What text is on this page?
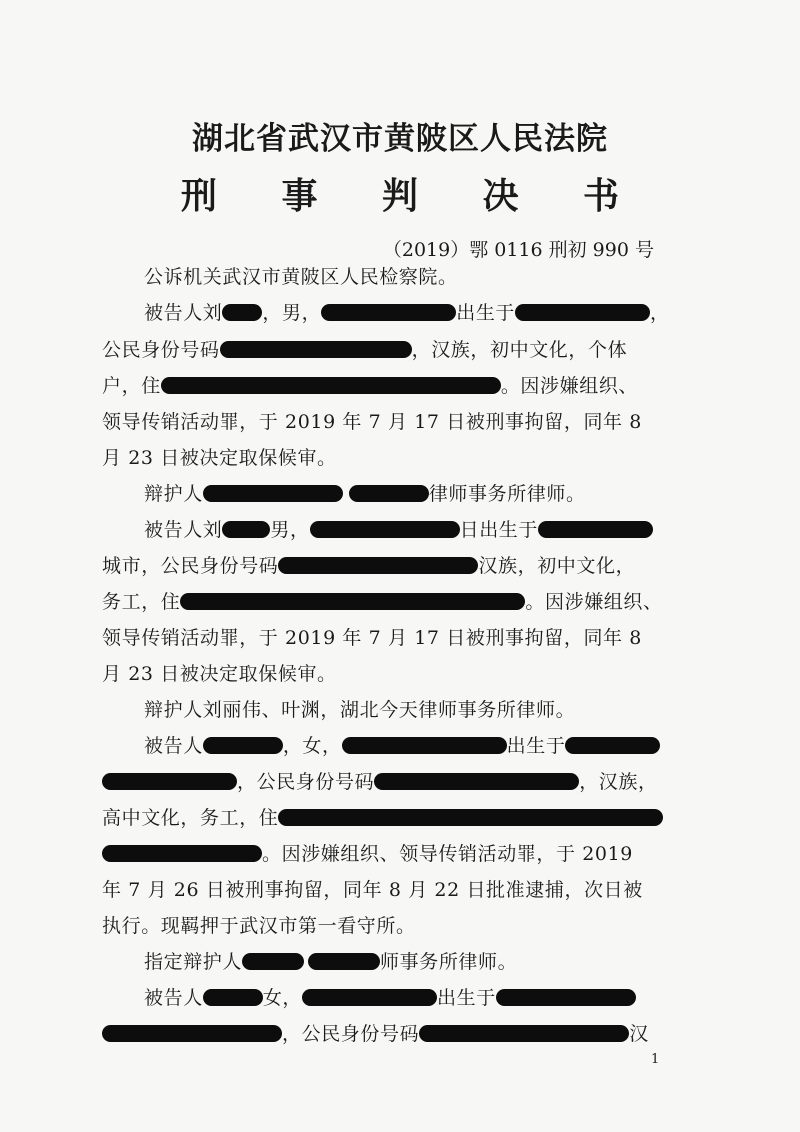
湖北省武汉市黄陂区人民法院
刑 事 判 决 书
（2019）鄂 0116 刑初 990 号
公诉机关武汉市黄陂区人民检察院。
被告人刘 ，男，	出生于	，
公民身份号码	，汉族，初中文化，个体
户，住	。因涉嫌组织、
领导传销活动罪，于 2019 年 7 月 17 日被刑事拘留，同年 8
月 23 日被决定取保候审。
辩护人	律师事务所律师。
被告人刘	男，	日出生于
城市，公民身份号码	汉族，初中文化，
务工，住	。因涉嫌组织、
领导传销活动罪，于 2019 年 7 月 17 日被刑事拘留，同年 8
月 23 日被决定取保候审。
辩护人刘丽伟、叶渊，湖北今天律师事务所律师。
被告人	，女，	出生于
，公民身份号码	，汉族，
高中文化，务工，住
。因涉嫌组织、领导传销活动罪，于 2019
年 7 月 26 日被刑事拘留，同年 8 月 22 日批准逮捕，次日被
执行。现羁押于武汉市第一看守所。
指定辩护人	师事务所律师。
被告人	女，	出生于
，公民身份号码	汉
1
